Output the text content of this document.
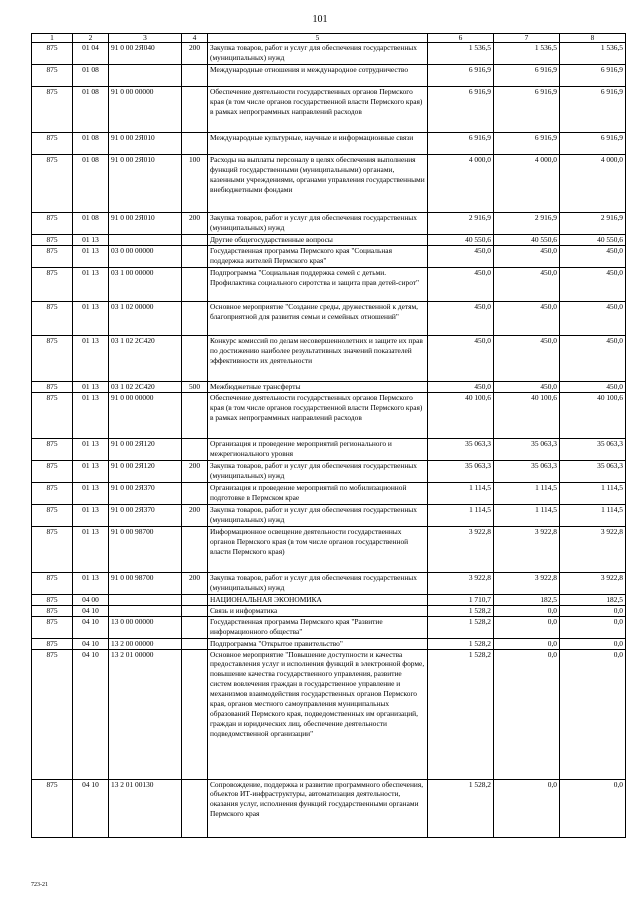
101
1	2	3	4	5	6	7	8
875	01 04	91 0 00 2Я040	200	Закупка товаров, работ и услуг для обеспечения государственных (муниципальных) нужд	1 536,5	1 536,5	1 536,5
875	01 08			Международные отношения и международное сотрудничество	6 916,9	6 916,9	6 916,9
875	01 08	91 0 00 00000		Обеспечение деятельности государственных органов Пермского края (в том числе органов государственной власти Пермского края) в рамках непрограммных направлений расходов	6 916,9	6 916,9	6 916,9
875	01 08	91 0 00 2Я010		Международные культурные, научные и информационные связи	6 916,9	6 916,9	6 916,9
875	01 08	91 0 00 2Я010	100	Расходы на выплаты персоналу в целях обеспечения выполнения функций государственными (муниципальными) органами, казенными учреждениями, органами управления государственными внебюджетными фондами	4 000,0	4 000,0	4 000,0
875	01 08	91 0 00 2Я010	200	Закупка товаров, работ и услуг для обеспечения государственных (муниципальных) нужд	2 916,9	2 916,9	2 916,9
875	01 13			Другие общегосударственные вопросы	40 550,6	40 550,6	40 550,6
875	01 13	03 0 00 00000		Государственная программа Пермского края "Социальная поддержка жителей Пермского края"	450,0	450,0	450,0
875	01 13	03 1 00 00000		Подпрограмма "Социальная поддержка семей с детьми. Профилактика социального сиротства и защита прав детей-сирот"	450,0	450,0	450,0
875	01 13	03 1 02 00000		Основное мероприятие "Создание среды, дружественной к детям, благоприятной для развития семьи и семейных отношений"	450,0	450,0	450,0
875	01 13	03 1 02 2С420		Конкурс комиссий по делам несовершеннолетних и защите их прав по достижению наиболее результативных значений показателей эффективности их деятельности	450,0	450,0	450,0
875	01 13	03 1 02 2С420	500	Межбюджетные трансферты	450,0	450,0	450,0
875	01 13	91 0 00 00000		Обеспечение деятельности государственных органов Пермского края (в том числе органов государственной власти Пермского края) в рамках непрограммных направлений расходов	40 100,6	40 100,6	40 100,6
875	01 13	91 0 00 2Я120		Организация и проведение мероприятий регионального и межрегионального уровня	35 063,3	35 063,3	35 063,3
875	01 13	91 0 00 2Я120	200	Закупка товаров, работ и услуг для обеспечения государственных (муниципальных) нужд	35 063,3	35 063,3	35 063,3
875	01 13	91 0 00 2Я370		Организация и проведение мероприятий по мобилизационной подготовке в Пермском крае	1 114,5	1 114,5	1 114,5
875	01 13	91 0 00 2Я370	200	Закупка товаров, работ и услуг для обеспечения государственных (муниципальных) нужд	1 114,5	1 114,5	1 114,5
875	01 13	91 0 00 98700		Информационное освещение деятельности государственных органов Пермского края (в том числе органов государственной власти Пермского края)	3 922,8	3 922,8	3 922,8
875	01 13	91 0 00 98700	200	Закупка товаров, работ и услуг для обеспечения государственных (муниципальных) нужд	3 922,8	3 922,8	3 922,8
875	04 00			НАЦИОНАЛЬНАЯ ЭКОНОМИКА	1 710,7	182,5	182,5
875	04 10			Связь и информатика	1 528,2	0,0	0,0
875	04 10	13 0 00 00000		Государственная программа Пермского края "Развитие информационного общества"	1 528,2	0,0	0,0
875	04 10	13 2 00 00000		Подпрограмма "Открытое правительство"	1 528,2	0,0	0,0
875	04 10	13 2 01 00000		Основное мероприятие "Повышение доступности и качества предоставления услуг и исполнения функций в электронной форме, повышение качества государственного управления, развитие систем вовлечения граждан в государственное управление и механизмов взаимодействия государственных органов Пермского края, органов местного самоуправления муниципальных образований Пермского края, подведомственных им организаций, граждан и юридических лиц, обеспечение деятельности подведомственной организации"	1 528,2	0,0	0,0
875	04 10	13 2 01 00130		Сопровождение, поддержка и развитие программного обеспечения, объектов ИТ-инфраструктуры, автоматизация деятельности, оказания услуг, исполнения функций государственными органами Пермского края	1 528,2	0,0	0,0
723-21
